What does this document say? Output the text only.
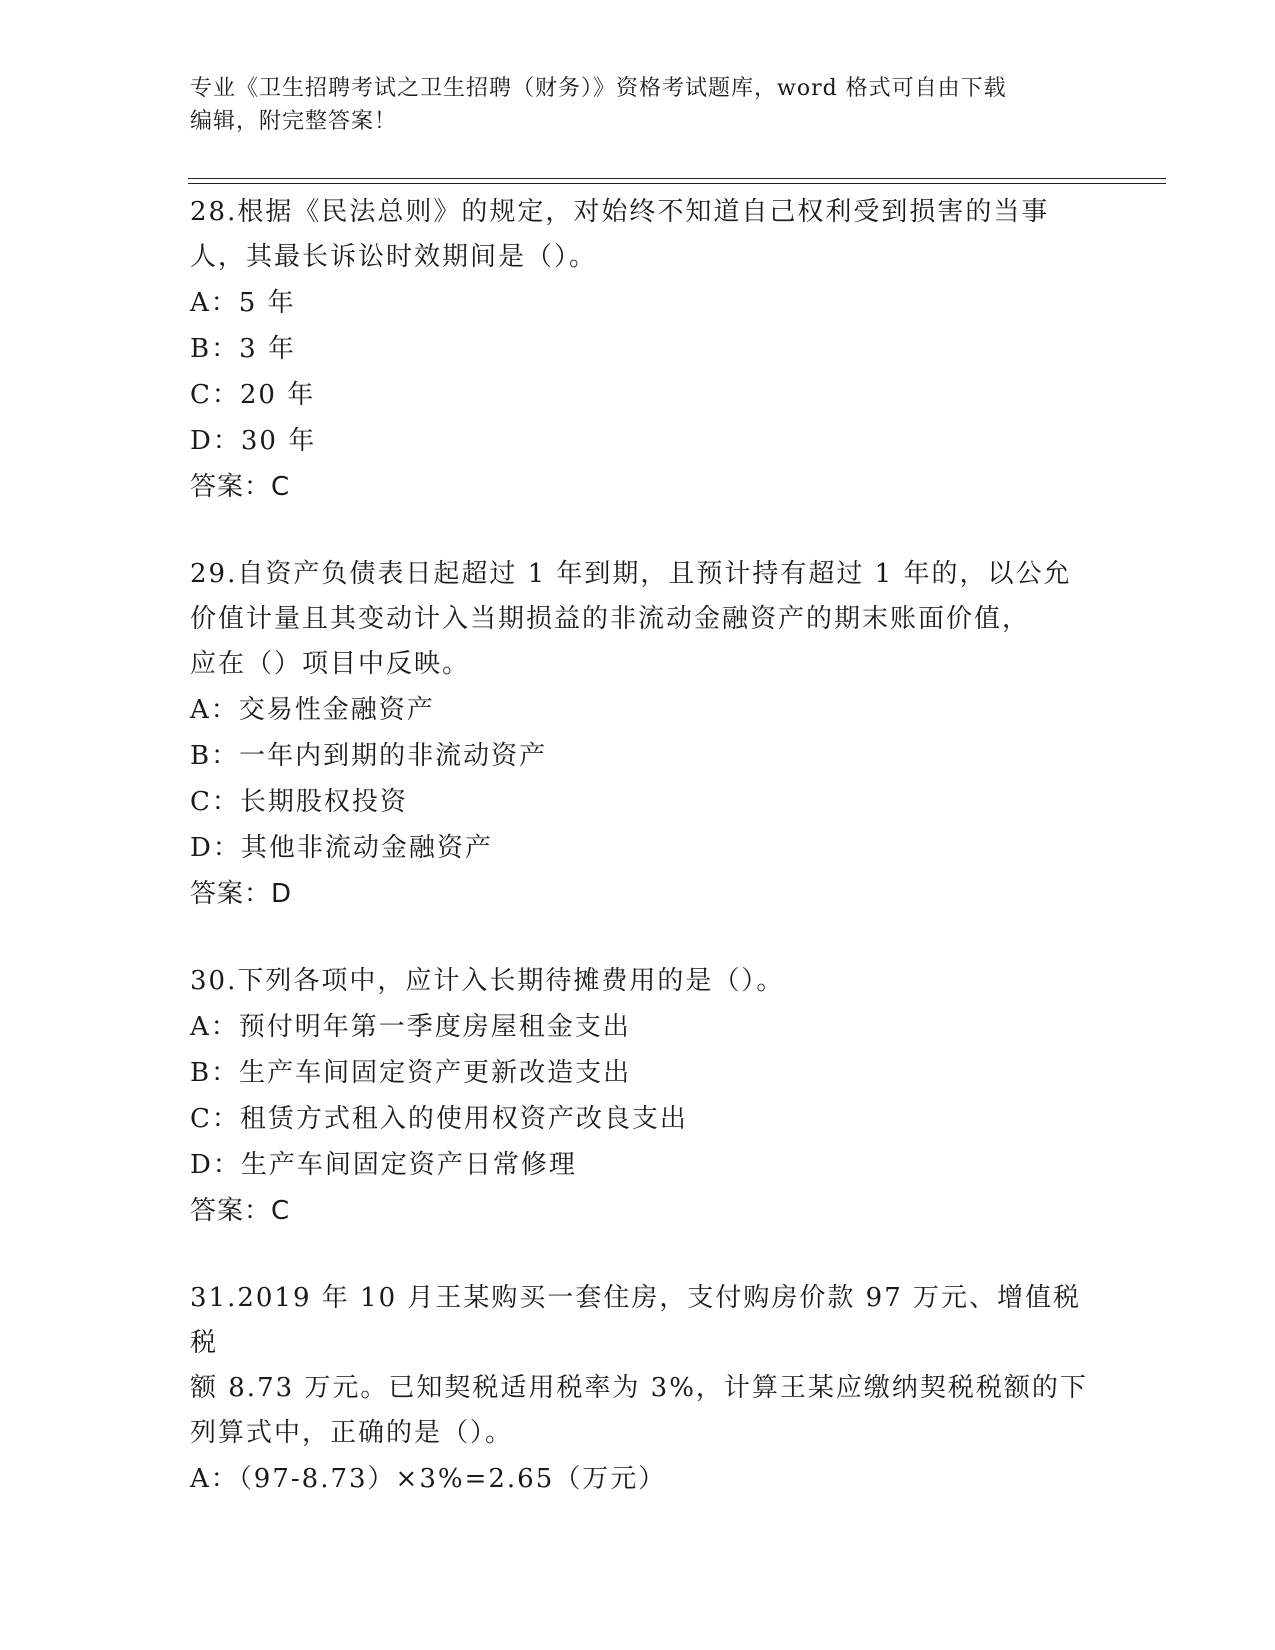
专业《卫生招聘考试之卫生招聘（财务）》资格考试题库，word 格式可自由下载
编辑，附完整答案！
28.根据《民法总则》的规定，对始终不知道自己权利受到损害的当事
人，其最长诉讼时效期间是（）。
A：5 年
B：3 年
C：20 年
D：30 年
答案：C
29.自资产负债表日起超过 1 年到期，且预计持有超过 1 年的，以公允
价值计量且其变动计入当期损益的非流动金融资产的期末账面价值，
应在（）项目中反映。
A：交易性金融资产
B：一年内到期的非流动资产
C：长期股权投资
D：其他非流动金融资产
答案：D
30.下列各项中，应计入长期待摊费用的是（）。
A：预付明年第一季度房屋租金支出
B：生产车间固定资产更新改造支出
C：租赁方式租入的使用权资产改良支出
D：生产车间固定资产日常修理
答案：C
31.2019 年 10 月王某购买一套住房，支付购房价款 97 万元、增值税税
额 8.73 万元。已知契税适用税率为 3%，计算王某应缴纳契税税额的下
列算式中，正确的是（）。
A：（97-8.73）×3%=2.65（万元）
